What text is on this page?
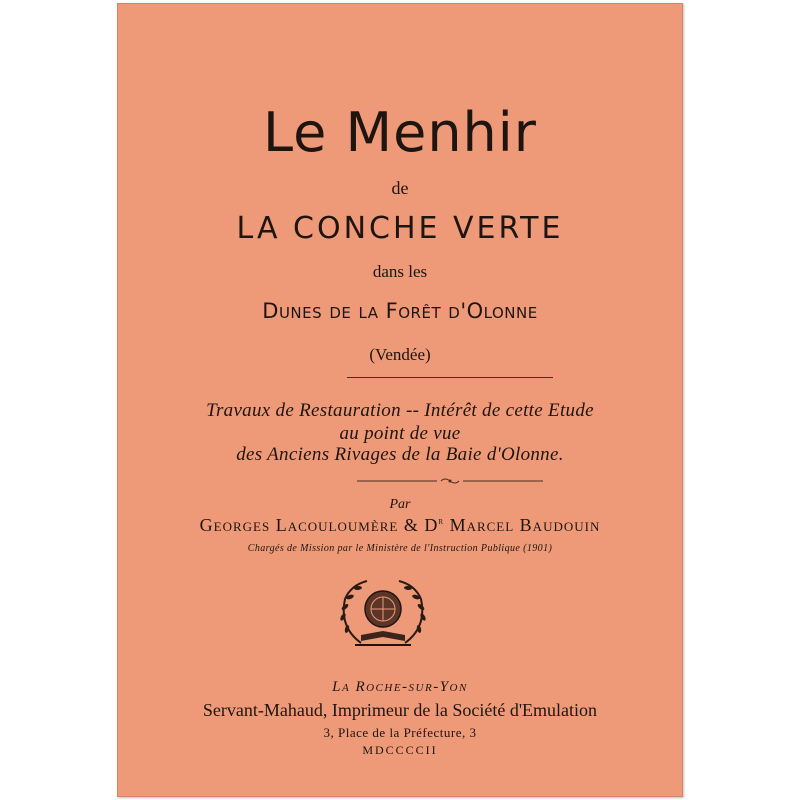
Le Menhir
de
LA CONCHE VERTE
dans les
Dunes de la Forêt d'Olonne
(Vendée)
Travaux de Restauration -- Intérêt de cette Etude
au point de vue
des Anciens Rivages de la Baie d'Olonne.
Par
Georges Lacouloumère & $D^r$ Marcel Baudouin
Chargés de Mission par le Ministère de l'Instruction Publique (1901)
La Roche-sur-Yon
Servant-Mahaud, Imprimeur de la Société d'Emulation
3, Place de la Préfecture, 3
MDCCCCII
